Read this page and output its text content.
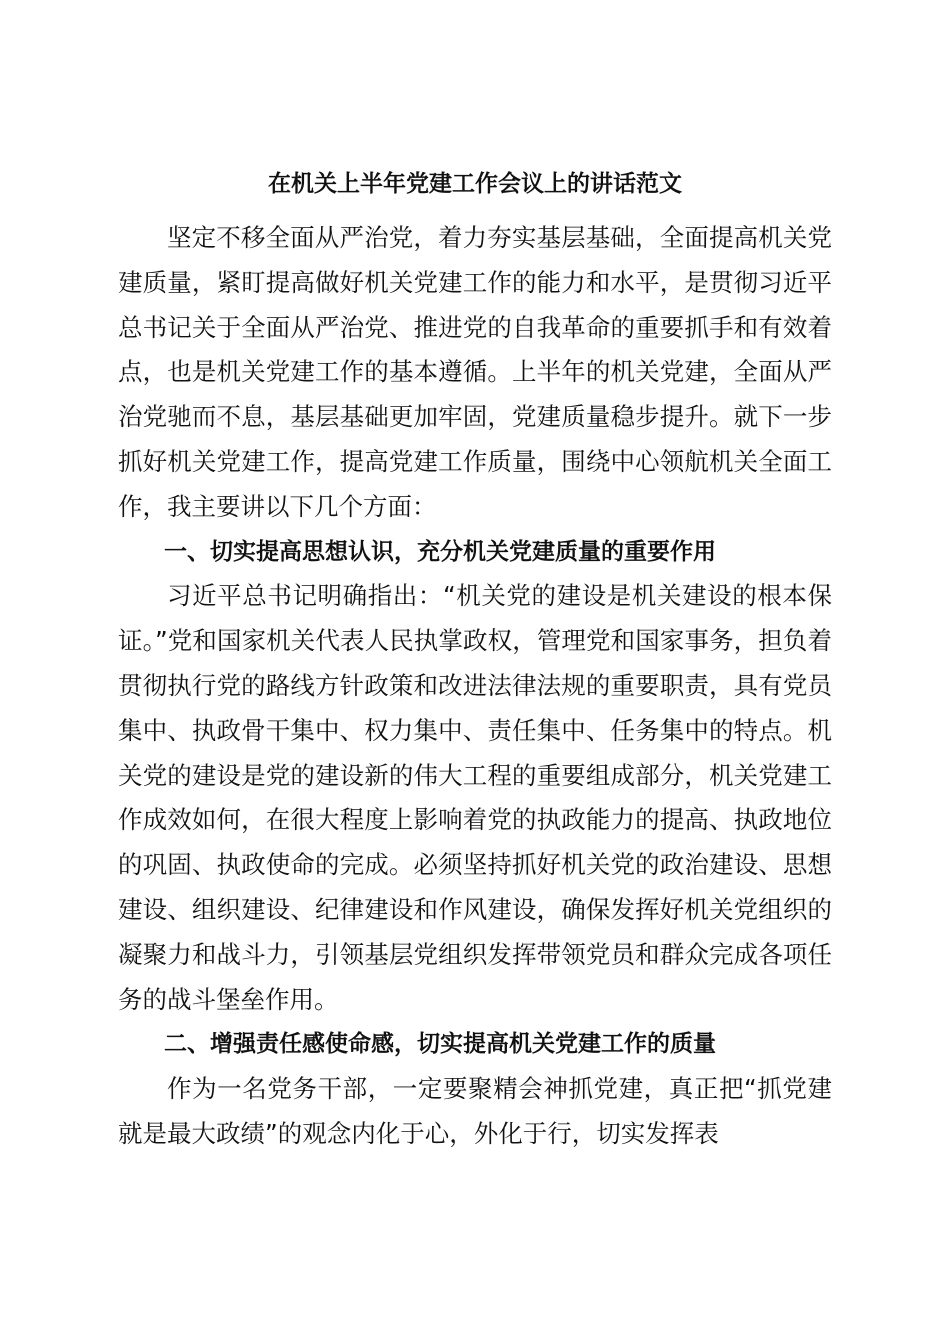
在机关上半年党建工作会议上的讲话范文

坚定不移全面从严治党，着力夯实基层基础，全面提高机关党建质量，紧盯提高做好机关党建工作的能力和水平，是贯彻习近平总书记关于全面从严治党、推进党的自我革命的重要抓手和有效着点，也是机关党建工作的基本遵循。上半年的机关党建，全面从严治党驰而不息，基层基础更加牢固，党建质量稳步提升。就下一步抓好机关党建工作，提高党建工作质量，围绕中心领航机关全面工作，我主要讲以下几个方面：

一、切实提高思想认识，充分机关党建质量的重要作用

习近平总书记明确指出：“机关党的建设是机关建设的根本保证。”党和国家机关代表人民执掌政权，管理党和国家事务，担负着贯彻执行党的路线方针政策和改进法律法规的重要职责，具有党员集中、执政骨干集中、权力集中、责任集中、任务集中的特点。机关党的建设是党的建设新的伟大工程的重要组成部分，机关党建工作成效如何，在很大程度上影响着党的执政能力的提高、执政地位的巩固、执政使命的完成。必须坚持抓好机关党的政治建设、思想建设、组织建设、纪律建设和作风建设，确保发挥好机关党组织的凝聚力和战斗力，引领基层党组织发挥带领党员和群众完成各项任务的战斗堡垒作用。

二、增强责任感使命感，切实提高机关党建工作的质量

作为一名党务干部，一定要聚精会神抓党建，真正把“抓党建就是最大政绩”的观念内化于心，外化于行，切实发挥表
